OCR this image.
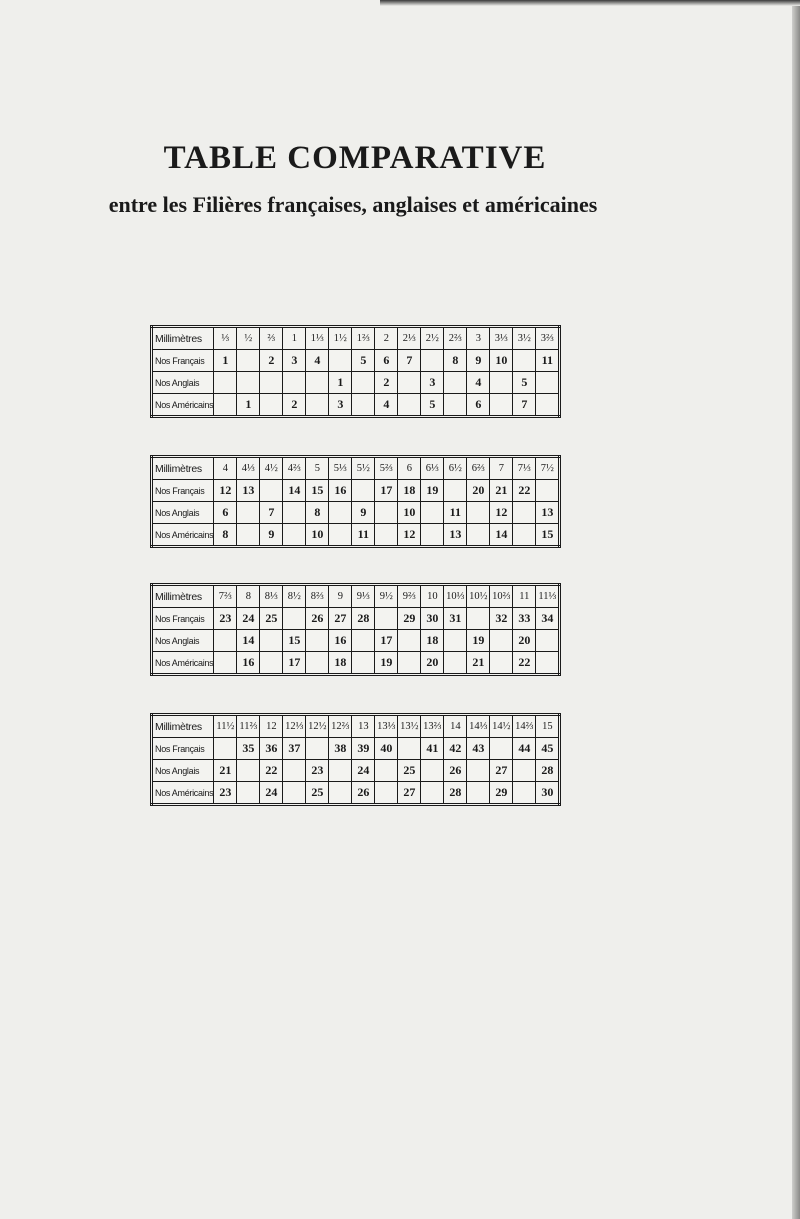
TABLE COMPARATIVE
entre les Filières françaises, anglaises et américaines
Millimètres	⅓	½	⅔	1	1⅓	1½	1⅔	2	2⅓	2½	2⅔	3	3⅓	3½	3⅔
Nos Français	1		2	3	4		5	6	7		8	9	10		11
Nos Anglais						1		2		3		4		5	
Nos Américains		1		2		3		4		5		6		7	
Millimètres	4	4⅓	4½	4⅔	5	5⅓	5½	5⅔	6	6⅓	6½	6⅔	7	7⅓	7½
Nos Français	12	13		14	15	16		17	18	19		20	21	22	
Nos Anglais	6		7		8		9		10		11		12		13
Nos Américains	8		9		10		11		12		13		14		15
Millimètres	7⅔	8	8⅓	8½	8⅔	9	9⅓	9½	9⅔	10	10⅓	10½	10⅔	11	11⅓
Nos Français	23	24	25		26	27	28		29	30	31		32	33	34
Nos Anglais		14		15		16		17		18		19		20	
Nos Américains		16		17		18		19		20		21		22	
Millimètres	11½	11⅔	12	12⅓	12½	12⅔	13	13⅓	13½	13⅔	14	14⅓	14½	14⅔	15
Nos Français		35	36	37		38	39	40		41	42	43		44	45
Nos Anglais	21		22		23		24		25		26		27		28
Nos Américains	23		24		25		26		27		28		29		30
